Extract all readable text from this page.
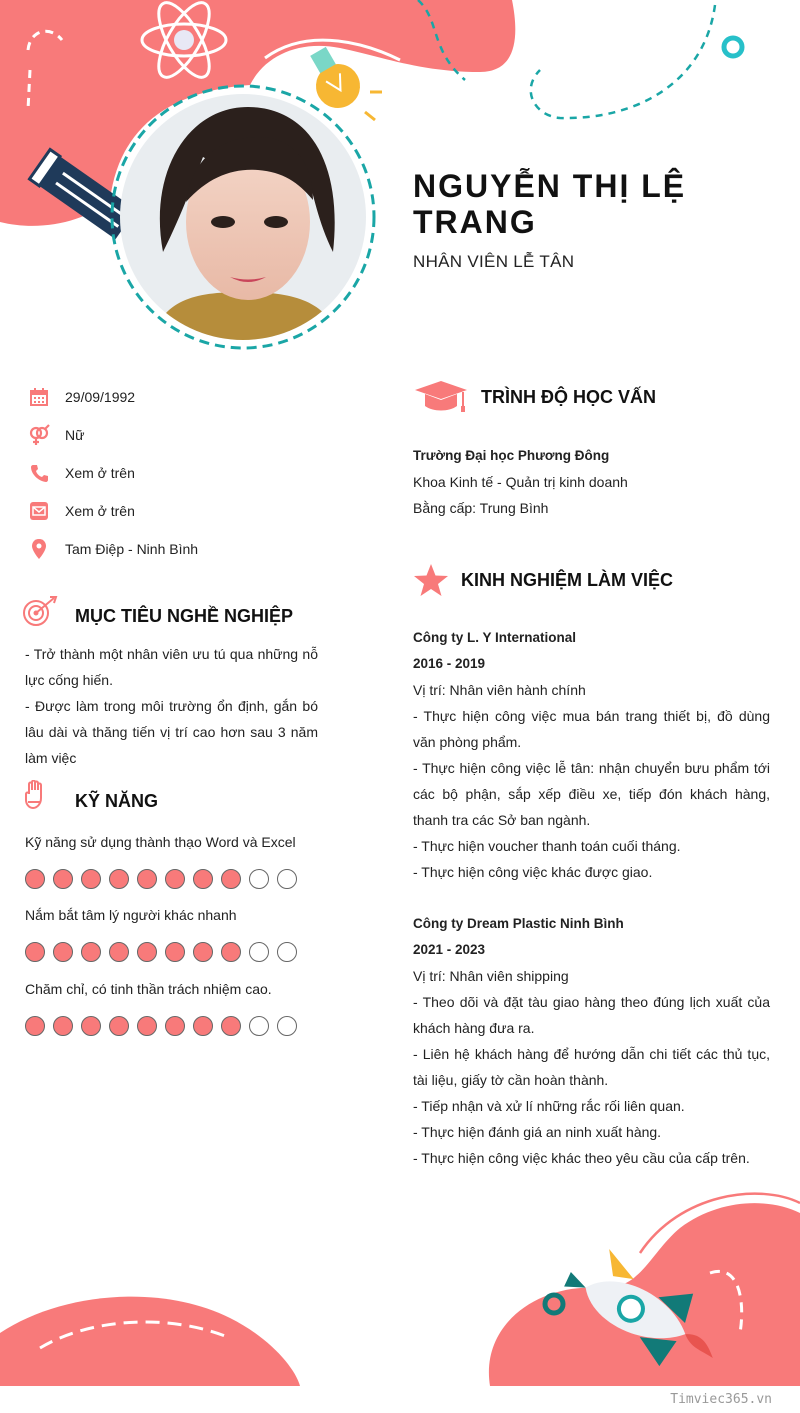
NGUYỄN THỊ LỆ TRANG
NHÂN VIÊN LỄ TÂN
29/09/1992
Nữ
Xem ở trên
Xem ở trên
Tam Điệp - Ninh Bình
MỤC TIÊU NGHỀ NGHIỆP

- Trở thành một nhân viên ưu tú qua những nỗ lực cống hiến.

- Được làm trong môi trường ổn định, gắn bó lâu dài và thăng tiến vị trí cao hơn sau 3 năm làm việc

KỸ NĂNG
Kỹ năng sử dụng thành thạo Word và Excel
Nắm bắt tâm lý người khác nhanh
Chăm chỉ, có tinh thần trách nhiệm cao.
TRÌNH ĐỘ HỌC VẤN
Trường Đại học Phương Đông
Khoa Kinh tế - Quản trị kinh doanh
Bằng cấp: Trung Bình
KINH NGHIỆM LÀM VIỆC
Công ty L. Y International
2016 - 2019

Vị trí: Nhân viên hành chính

- Thực hiện công việc mua bán trang thiết bị, đồ dùng văn phòng phẩm.

- Thực hiện công việc lễ tân: nhận chuyển bưu phẩm tới các bộ phận, sắp xếp điều xe, tiếp đón khách hàng, thanh tra các Sở ban ngành.

- Thực hiện voucher thanh toán cuối tháng.

- Thực hiện công việc khác được giao.

Công ty Dream Plastic Ninh Bình
2021 - 2023

Vị trí: Nhân viên shipping

- Theo dõi và đặt tàu giao hàng theo đúng lịch xuất của khách hàng đưa ra.

- Liên hệ khách hàng để hướng dẫn chi tiết các thủ tục, tài liệu, giấy tờ cần hoàn thành.

- Tiếp nhận và xử lí những rắc rối liên quan.

- Thực hiện đánh giá an ninh xuất hàng.

- Thực hiện công việc khác theo yêu cầu của cấp trên.

Timviec365.vn
